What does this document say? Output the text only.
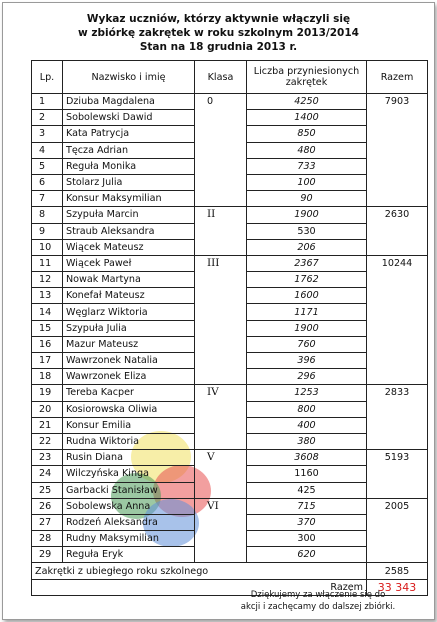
Wykaz uczniów, którzy aktywnie włączyli się
w zbiórkę zakrętek w roku szkolnym 2013/2014
Stan na 18 grudnia 2013 r.
Lp.	Nazwisko i imię	Klasa	Liczba przyniesionych zakrętek	Razem
1	Dziuba Magdalena	0	4250	7903
2	Sobolewski Dawid		1400	
3	Kata Patrycja		850	
4	Tęcza Adrian		480	
5	Reguła Monika		733	
6	Stolarz Julia		100	
7	Konsur Maksymilian		90	
8	Szypuła Marcin	II	1900	2630
9	Straub Aleksandra		530	
10	Wiącek Mateusz		206	
11	Wiącek Paweł	III	2367	10244
12	Nowak Martyna		1762	
13	Konefał Mateusz		1600	
14	Węglarz Wiktoria		1171	
15	Szypuła Julia		1900	
16	Mazur Mateusz		760	
17	Wawrzonek Natalia		396	
18	Wawrzonek Eliza		296	
19	Tereba Kacper	IV	1253	2833
20	Kosiorowska Oliwia		800	
21	Konsur Emilia		400	
22	Rudna Wiktoria		380	
23	Rusin Diana	V	3608	5193
24	Wilczyńska Kinga		1160	
25	Garbacki Stanisław		425	
26	Sobolewska Anna	VI	715	2005
27	Rodzeń Aleksandra		370	
28	Rudny Maksymilian		300	
29	Reguła Eryk		620	
Zakrętki z ubiegłego roku szkolnego				2585
Razem				33 343
Dziękujemy za włączenie się do
akcji i zachęcamy do dalszej zbiórki.
